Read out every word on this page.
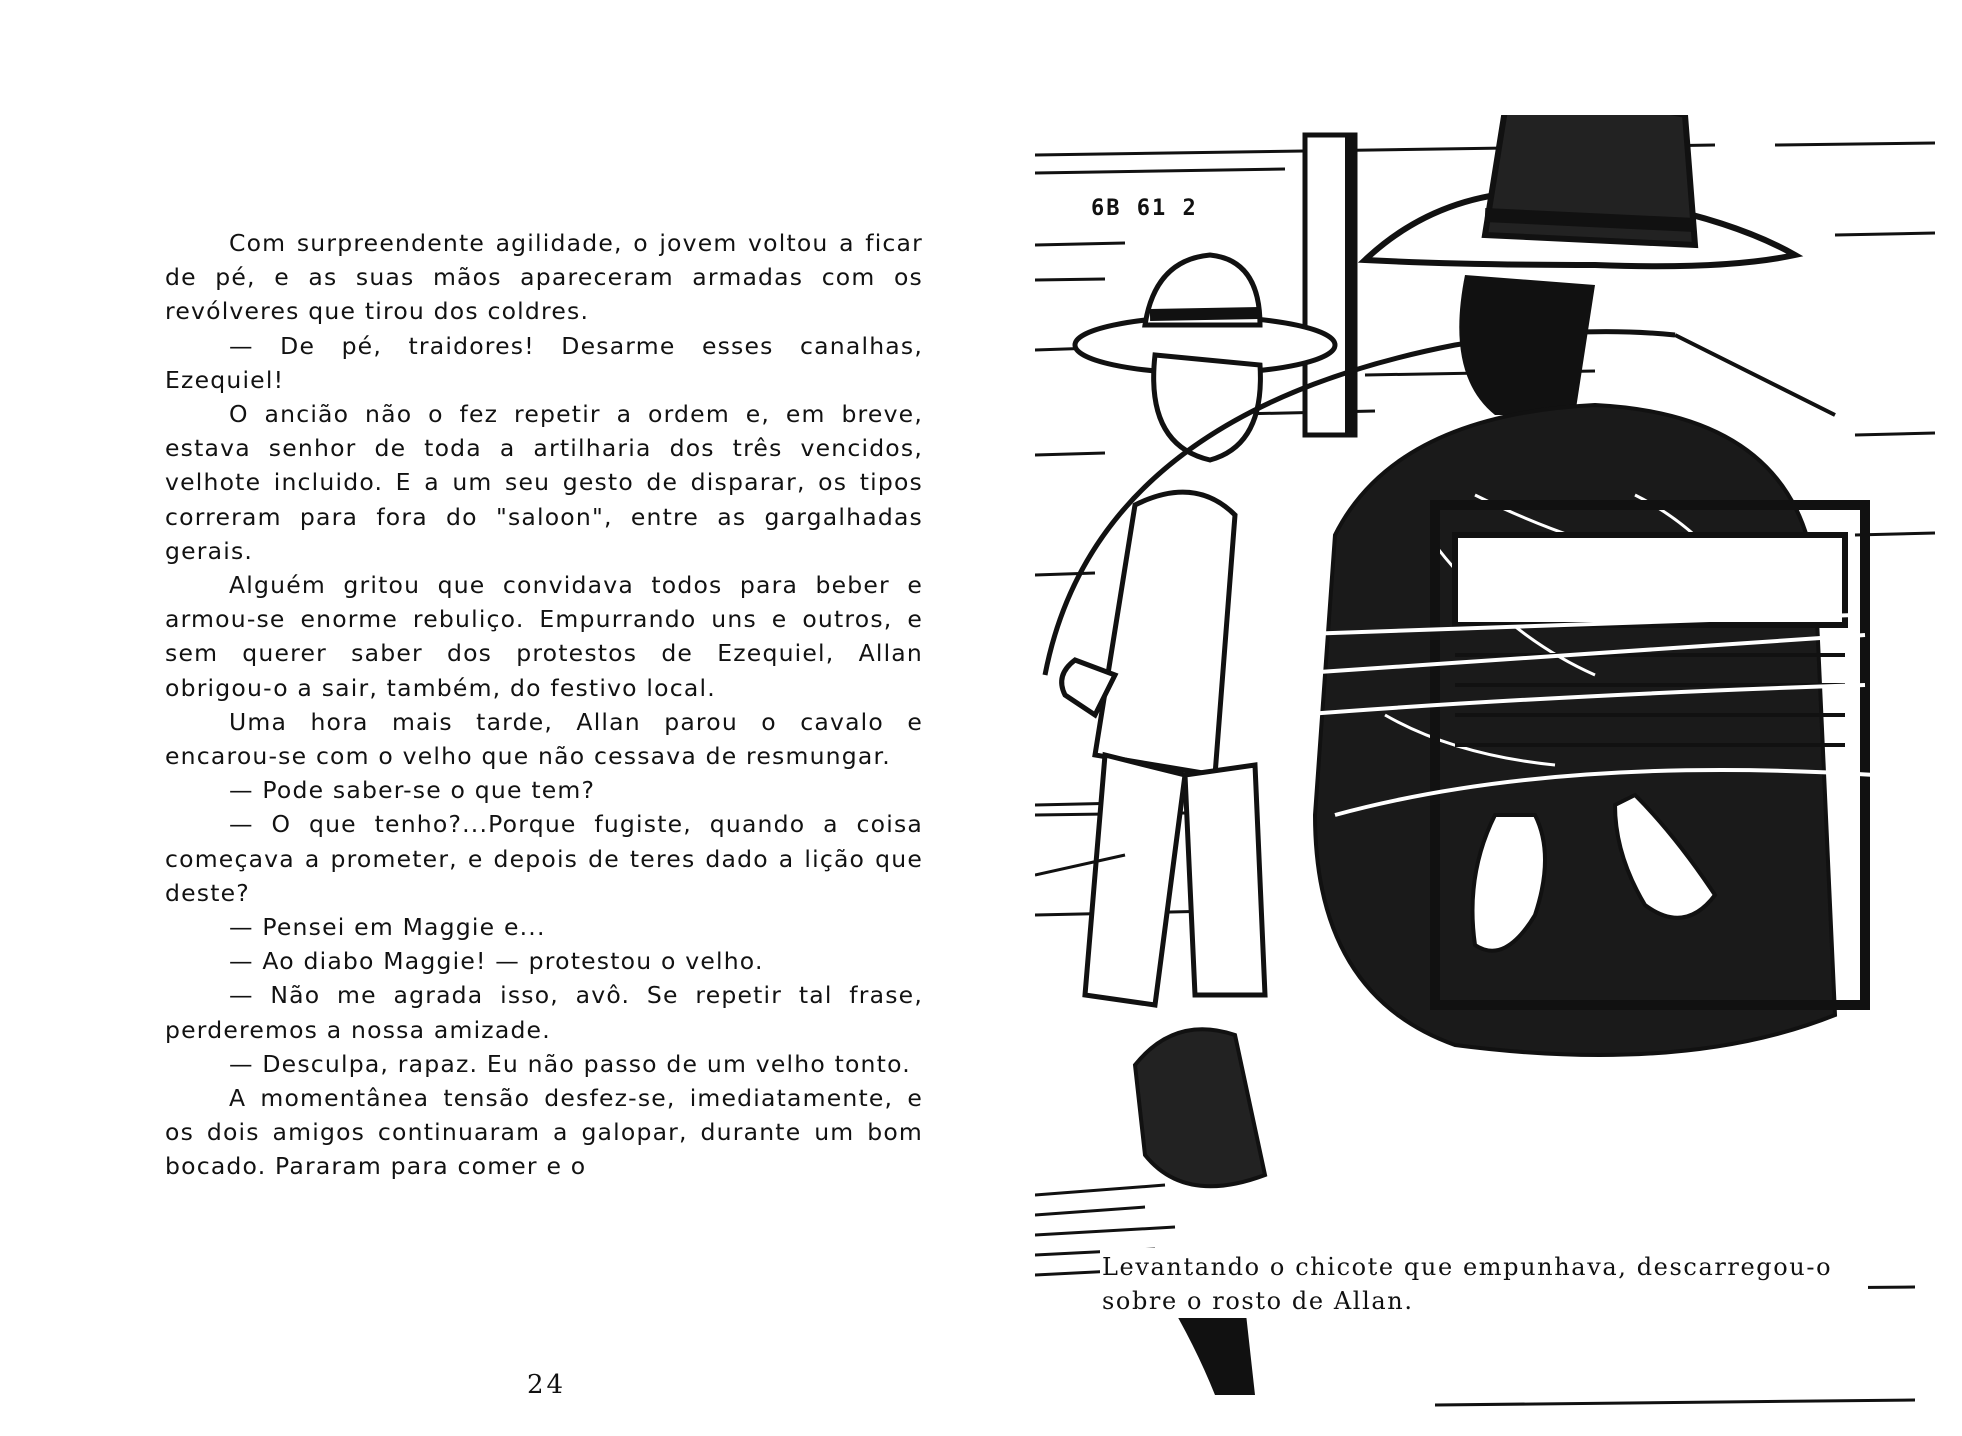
Com surpreendente agilidade, o jovem voltou a ficar de pé, e as suas mãos apareceram armadas com os revólveres que tirou dos coldres.

— De pé, traidores! Desarme esses canalhas, Ezequiel!

O ancião não o fez repetir a ordem e, em breve, estava senhor de toda a artilharia dos três vencidos, velhote incluido. E a um seu gesto de disparar, os tipos correram para fora do "saloon", entre as gargalhadas gerais.

Alguém gritou que convidava todos para beber e armou-se enorme rebuliço. Empurrando uns e outros, e sem querer saber dos protestos de Ezequiel, Allan obrigou-o a sair, também, do festivo local.

Uma hora mais tarde, Allan parou o cavalo e encarou-se com o velho que não cessava de resmungar.

— Pode saber-se o que tem?

— O que tenho?...Porque fugiste, quando a coisa começava a prometer, e depois de teres dado a lição que deste?

— Pensei em Maggie e...

— Ao diabo Maggie! — protestou o velho.

— Não me agrada isso, avô. Se repetir tal frase, perderemos a nossa amizade.

— Desculpa, rapaz. Eu não passo de um velho tonto.

A momentânea tensão desfez-se, imediatamente, e os dois amigos continuaram a galopar, durante um bom bocado. Pararam para comer e o

24
6B 61 2
Levantando o chicote que empunhava, descarregou-o sobre o rosto de Allan.
